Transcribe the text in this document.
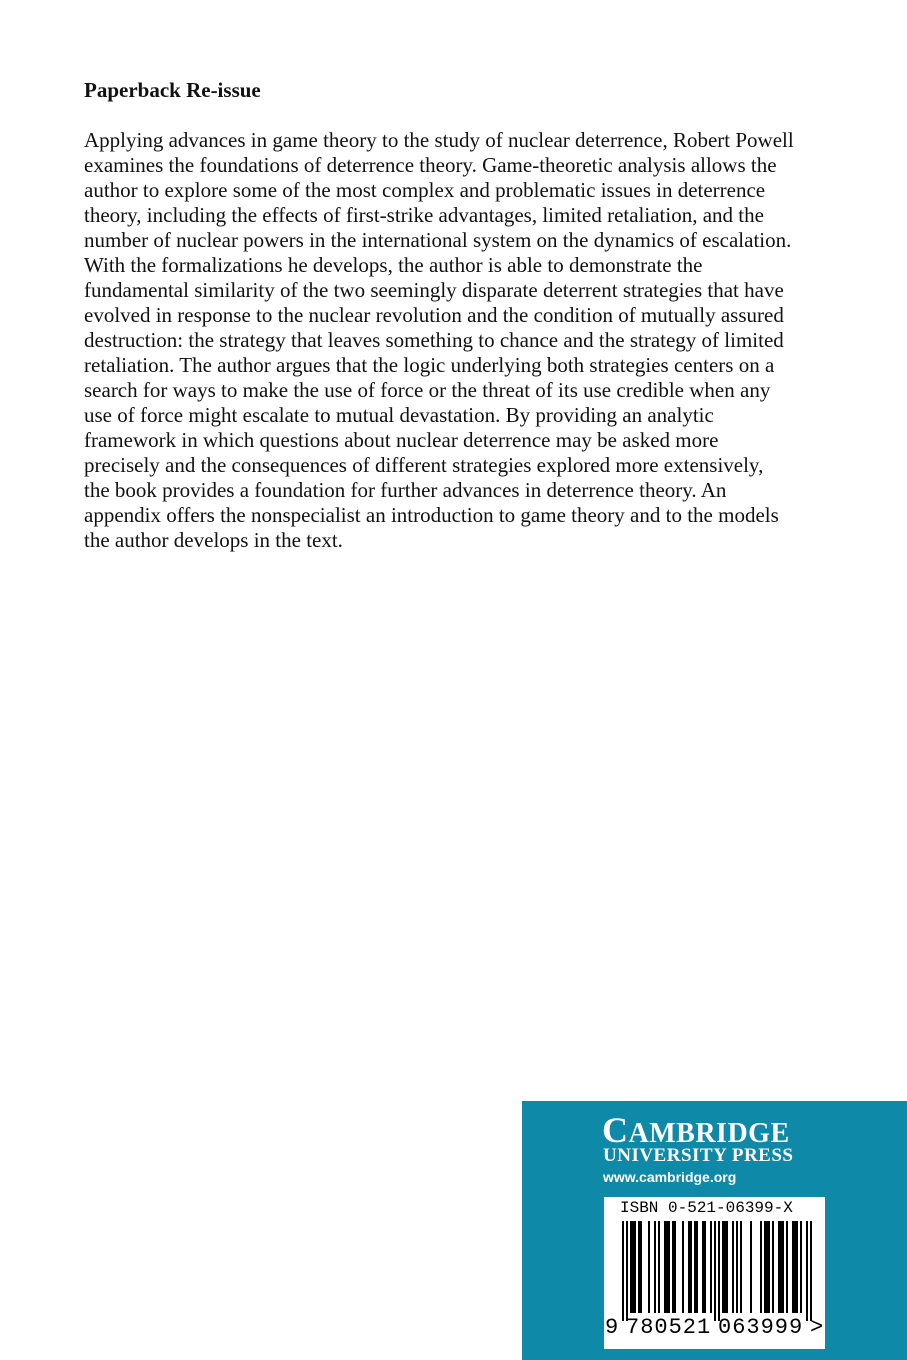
Paperback Re-issue

Applying advances in game theory to the study of nuclear deterrence, Robert Powell
examines the foundations of deterrence theory. Game-theoretic analysis allows the
author to explore some of the most complex and problematic issues in deterrence
theory, including the effects of first-strike advantages, limited retaliation, and the
number of nuclear powers in the international system on the dynamics of escalation.
With the formalizations he develops, the author is able to demonstrate the
fundamental similarity of the two seemingly disparate deterrent strategies that have
evolved in response to the nuclear revolution and the condition of mutually assured
destruction: the strategy that leaves something to chance and the strategy of limited
retaliation. The author argues that the logic underlying both strategies centers on a
search for ways to make the use of force or the threat of its use credible when any
use of force might escalate to mutual devastation. By providing an analytic
framework in which questions about nuclear deterrence may be asked more
precisely and the consequences of different strategies explored more extensively,
the book provides a foundation for further advances in deterrence theory. An
appendix offers the nonspecialist an introduction to game theory and to the models
the author develops in the text.

CAMBRIDGE
UNIVERSITY PRESS
www.cambridge.org
ISBN 0-521-06399-X
9 780521 063999 >
